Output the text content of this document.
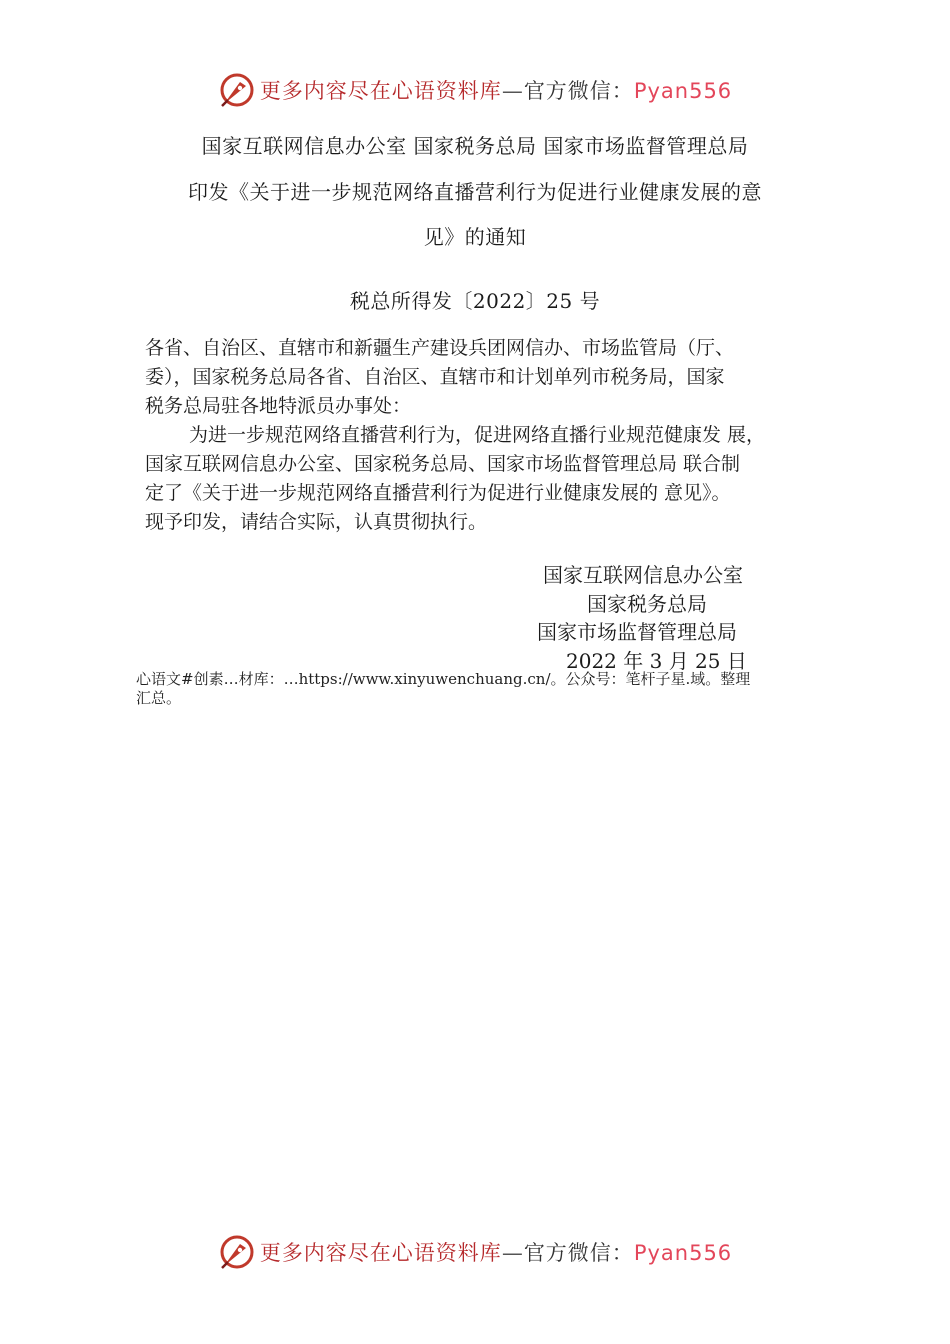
更多内容尽在心语资料库—官方微信：Pyan556
国家互联网信息办公室 国家税务总局 国家市场监督管理总局
印发《关于进一步规范网络直播营利行为促进行业健康发展的意
见》的通知
税总所得发〔2022〕25 号
各省、自治区、直辖市和新疆生产建设兵团网信办、市场监管局（厅、
委），国家税务总局各省、自治区、直辖市和计划单列市税务局，国家
税务总局驻各地特派员办事处：
为进一步规范网络直播营利行为，促进网络直播行业规范健康发 展，
国家互联网信息办公室、国家税务总局、国家市场监督管理总局 联合制
定了《关于进一步规范网络直播营利行为促进行业健康发展的 意见》。
现予印发，请结合实际，认真贯彻执行。
国家互联网信息办公室
国家税务总局
国家市场监督管理总局
2022 年 3 月 25 日
心语文#创素…材库：…https://www.xinyuwenchuang.cn/。公众号：笔杆子星.域。整理
汇总。
更多内容尽在心语资料库—官方微信：Pyan556
